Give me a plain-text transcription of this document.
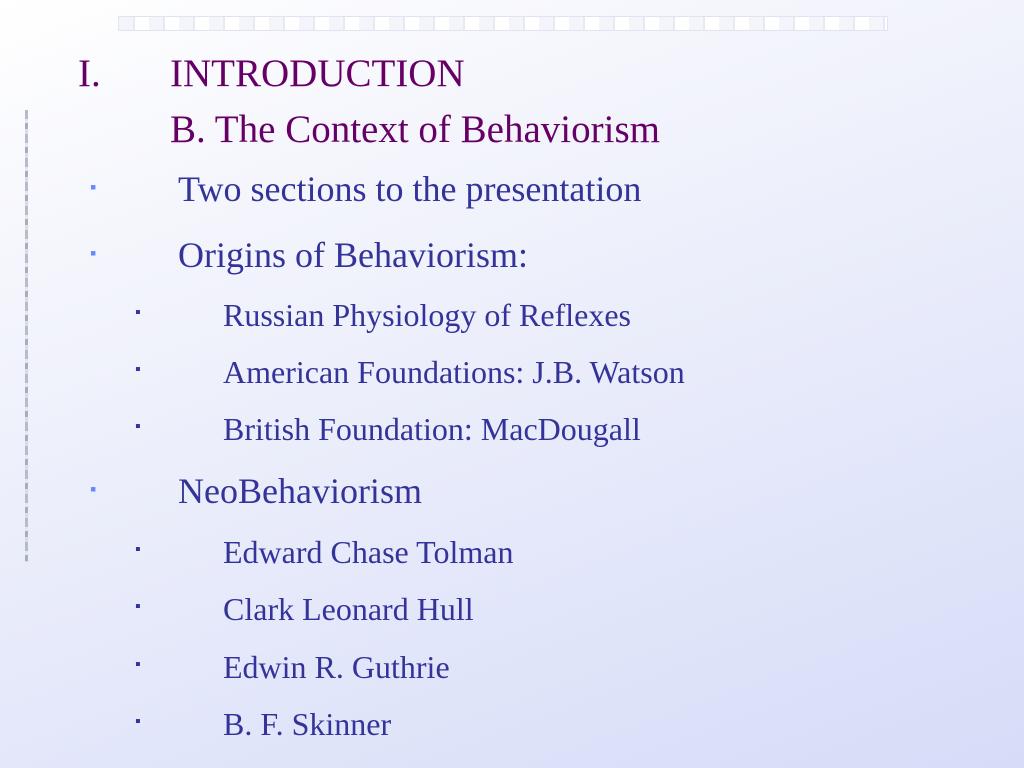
I. INTRODUCTION
B. The Context of Behaviorism
▪ Two sections to the presentation
▪ Origins of Behaviorism:
▪	Russian Physiology of Reflexes
▪	American Foundations: J.B. Watson
▪	British Foundation: MacDougall
▪ NeoBehaviorism
▪	Edward Chase Tolman
▪	Clark Leonard Hull
▪	Edwin R. Guthrie
▪	B. F. Skinner
